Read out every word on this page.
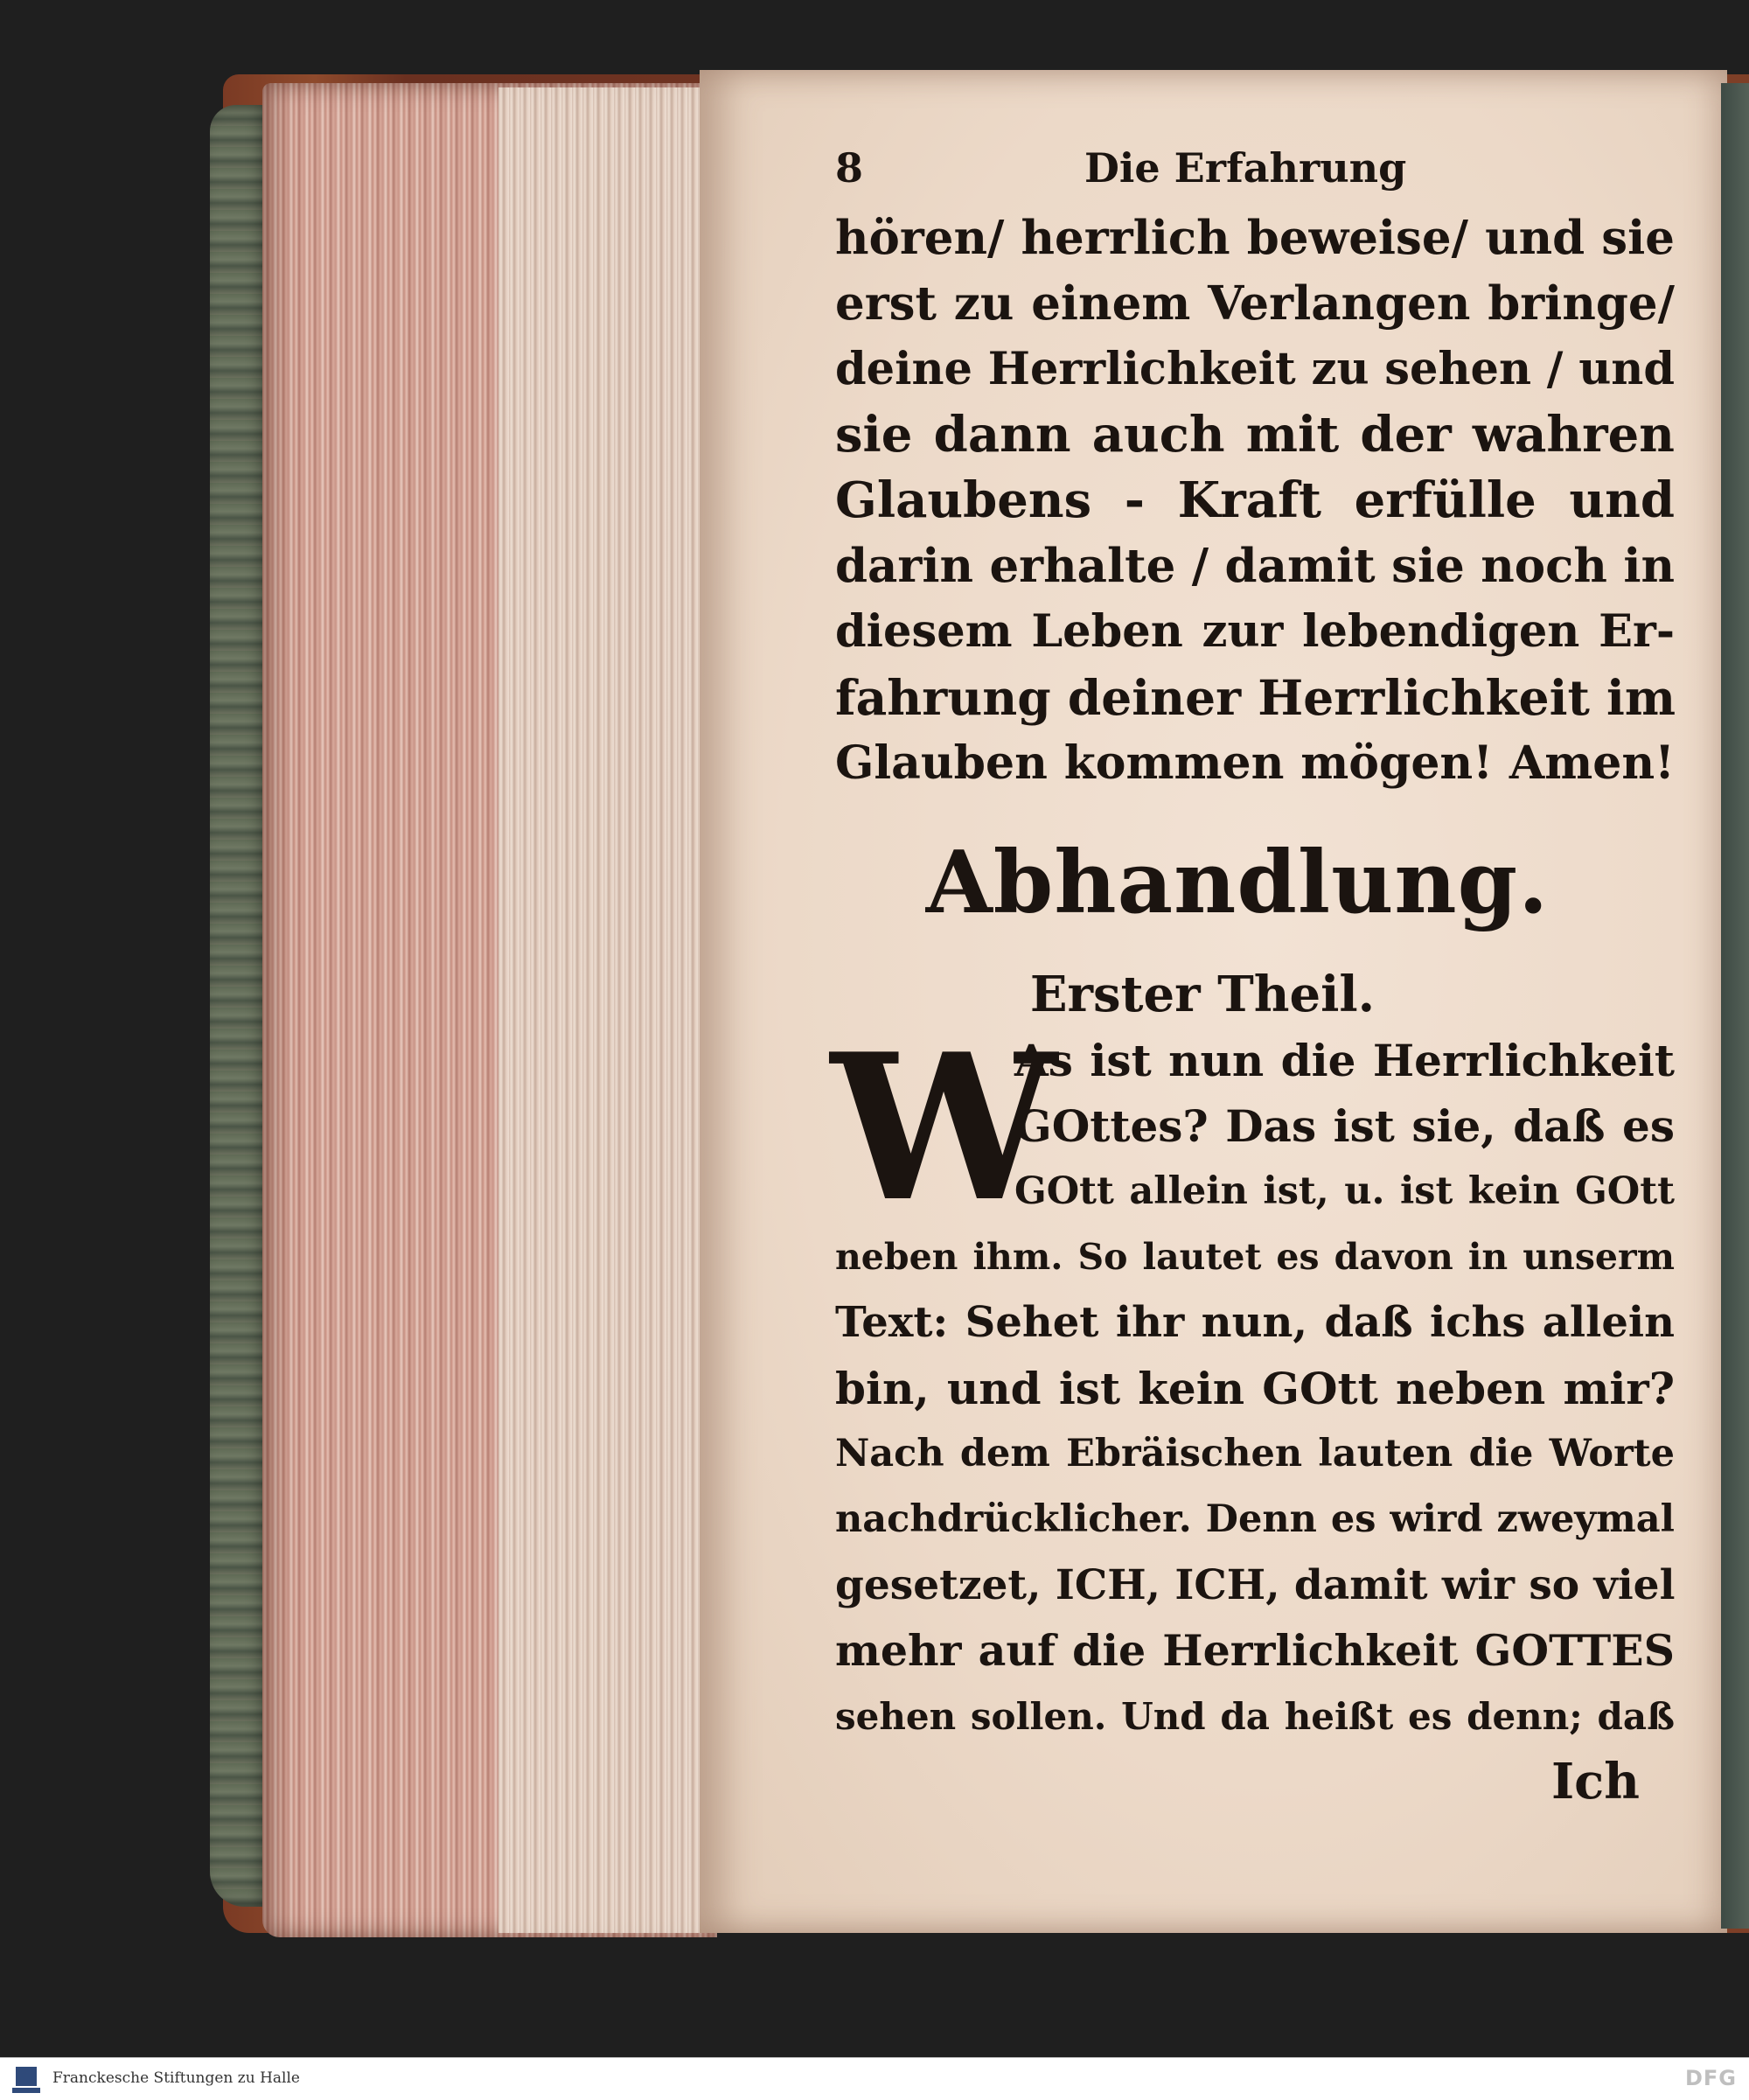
8	Die Erfahrung
hören/ herrlich beweise/ und sie
erst zu einem Verlangen bringe/
deine Herrlichkeit zu sehen / und
sie dann auch mit der wahren
Glaubens - Kraft erfülle und
darin erhalte / damit sie noch in
diesem Leben zur lebendigen Er-
fahrung deiner Herrlichkeit im
Glauben kommen mögen! Amen!
Abhandlung.
Erster Theil.
W
As ist nun die Herrlichkeit
GOttes? Das ist sie, daß es
GOtt allein ist, u. ist kein GOtt
neben ihm. So lautet es davon in unserm
Text: Sehet ihr nun, daß ichs allein
bin, und ist kein GOtt neben mir?
Nach dem Ebräischen lauten die Worte
nachdrücklicher. Denn es wird zweymal
gesetzet, ICH, ICH, damit wir so viel
mehr auf die Herrlichkeit GOTTES
sehen sollen. Und da heißt es denn; daß
Ich
Franckesche Stiftungen zu Halle	DFG
